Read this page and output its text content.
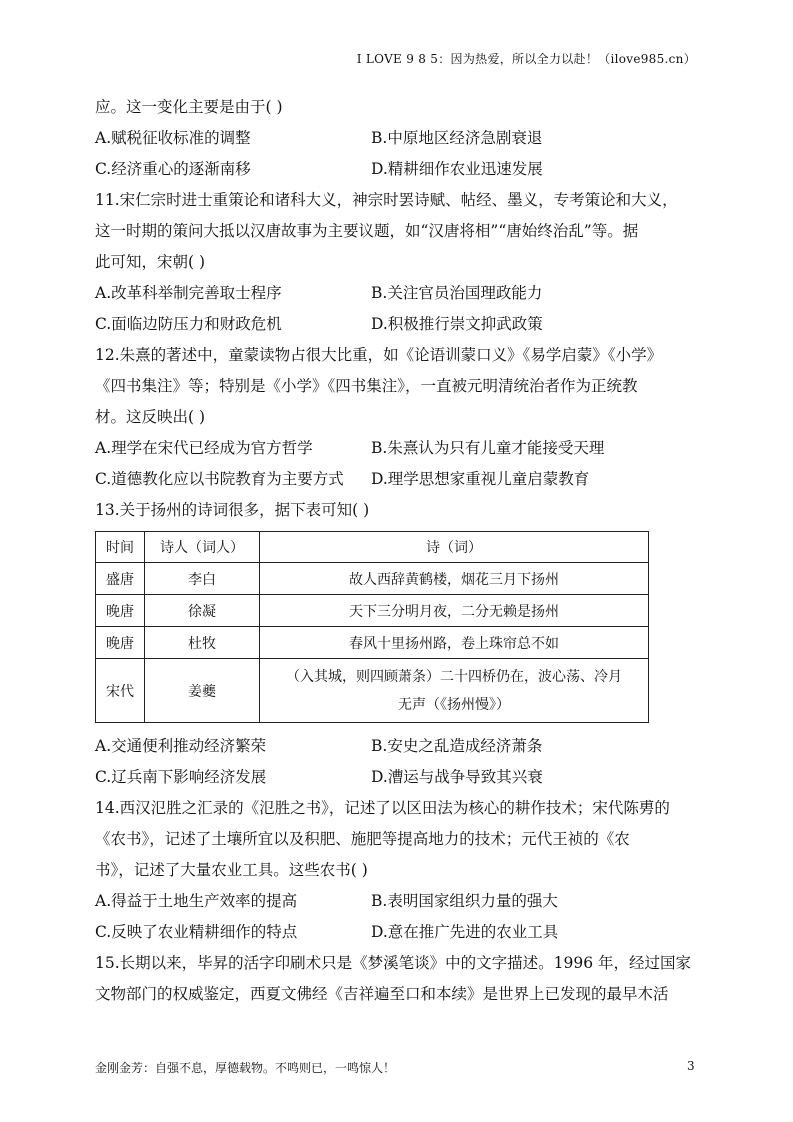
I LOVE 9 8 5：因为热爱，所以全力以赴！（ilove985.cn）
应。这一变化主要是由于( )
A.赋税征收标准的调整	B.中原地区经济急剧衰退
C.经济重心的逐渐南移	D.精耕细作农业迅速发展
11.宋仁宗时进士重策论和诸科大义，神宗时罢诗赋、帖经、墨义，专考策论和大义，
这一时期的策问大抵以汉唐故事为主要议题，如“汉唐将相”“唐始终治乱”等。据
此可知，宋朝( )
A.改革科举制完善取士程序	B.关注官员治国理政能力
C.面临边防压力和财政危机	D.积极推行崇文抑武政策
12.朱熹的著述中，童蒙读物占很大比重，如《论语训蒙口义》《易学启蒙》《小学》
《四书集注》等；特别是《小学》《四书集注》，一直被元明清统治者作为正统教
材。这反映出( )
A.理学在宋代已经成为官方哲学	B.朱熹认为只有儿童才能接受天理
C.道德教化应以书院教育为主要方式 D.理学思想家重视儿童启蒙教育
13.关于扬州的诗词很多，据下表可知( )
时间	诗人（词人）	诗（词）
盛唐	李白	故人西辞黄鹤楼，烟花三月下扬州
晚唐	徐凝	天下三分明月夜，二分无赖是扬州
晚唐	杜牧	春风十里扬州路，卷上珠帘总不如
宋代	姜夔	（入其城，则四顾萧条）二十四桥仍在，波心荡、冷月
无声（《扬州慢》）
A.交通便利推动经济繁荣	B.安史之乱造成经济萧条
C.辽兵南下影响经济发展	D.漕运与战争导致其兴衰
14.西汉氾胜之汇录的《氾胜之书》，记述了以区田法为核心的耕作技术；宋代陈旉的
《农书》，记述了土壤所宜以及积肥、施肥等提高地力的技术；元代王祯的《农
书》，记述了大量农业工具。这些农书( )
A.得益于土地生产效率的提高	B.表明国家组织力量的强大
C.反映了农业精耕细作的特点	D.意在推广先进的农业工具
15.长期以来，毕昇的活字印刷术只是《梦溪笔谈》中的文字描述。1996 年，经过国家
文物部门的权威鉴定，西夏文佛经《吉祥遍至口和本续》是世界上已发现的最早木活
金刚金芳：自强不息，厚德载物。不鸣则已，一鸣惊人！	3
